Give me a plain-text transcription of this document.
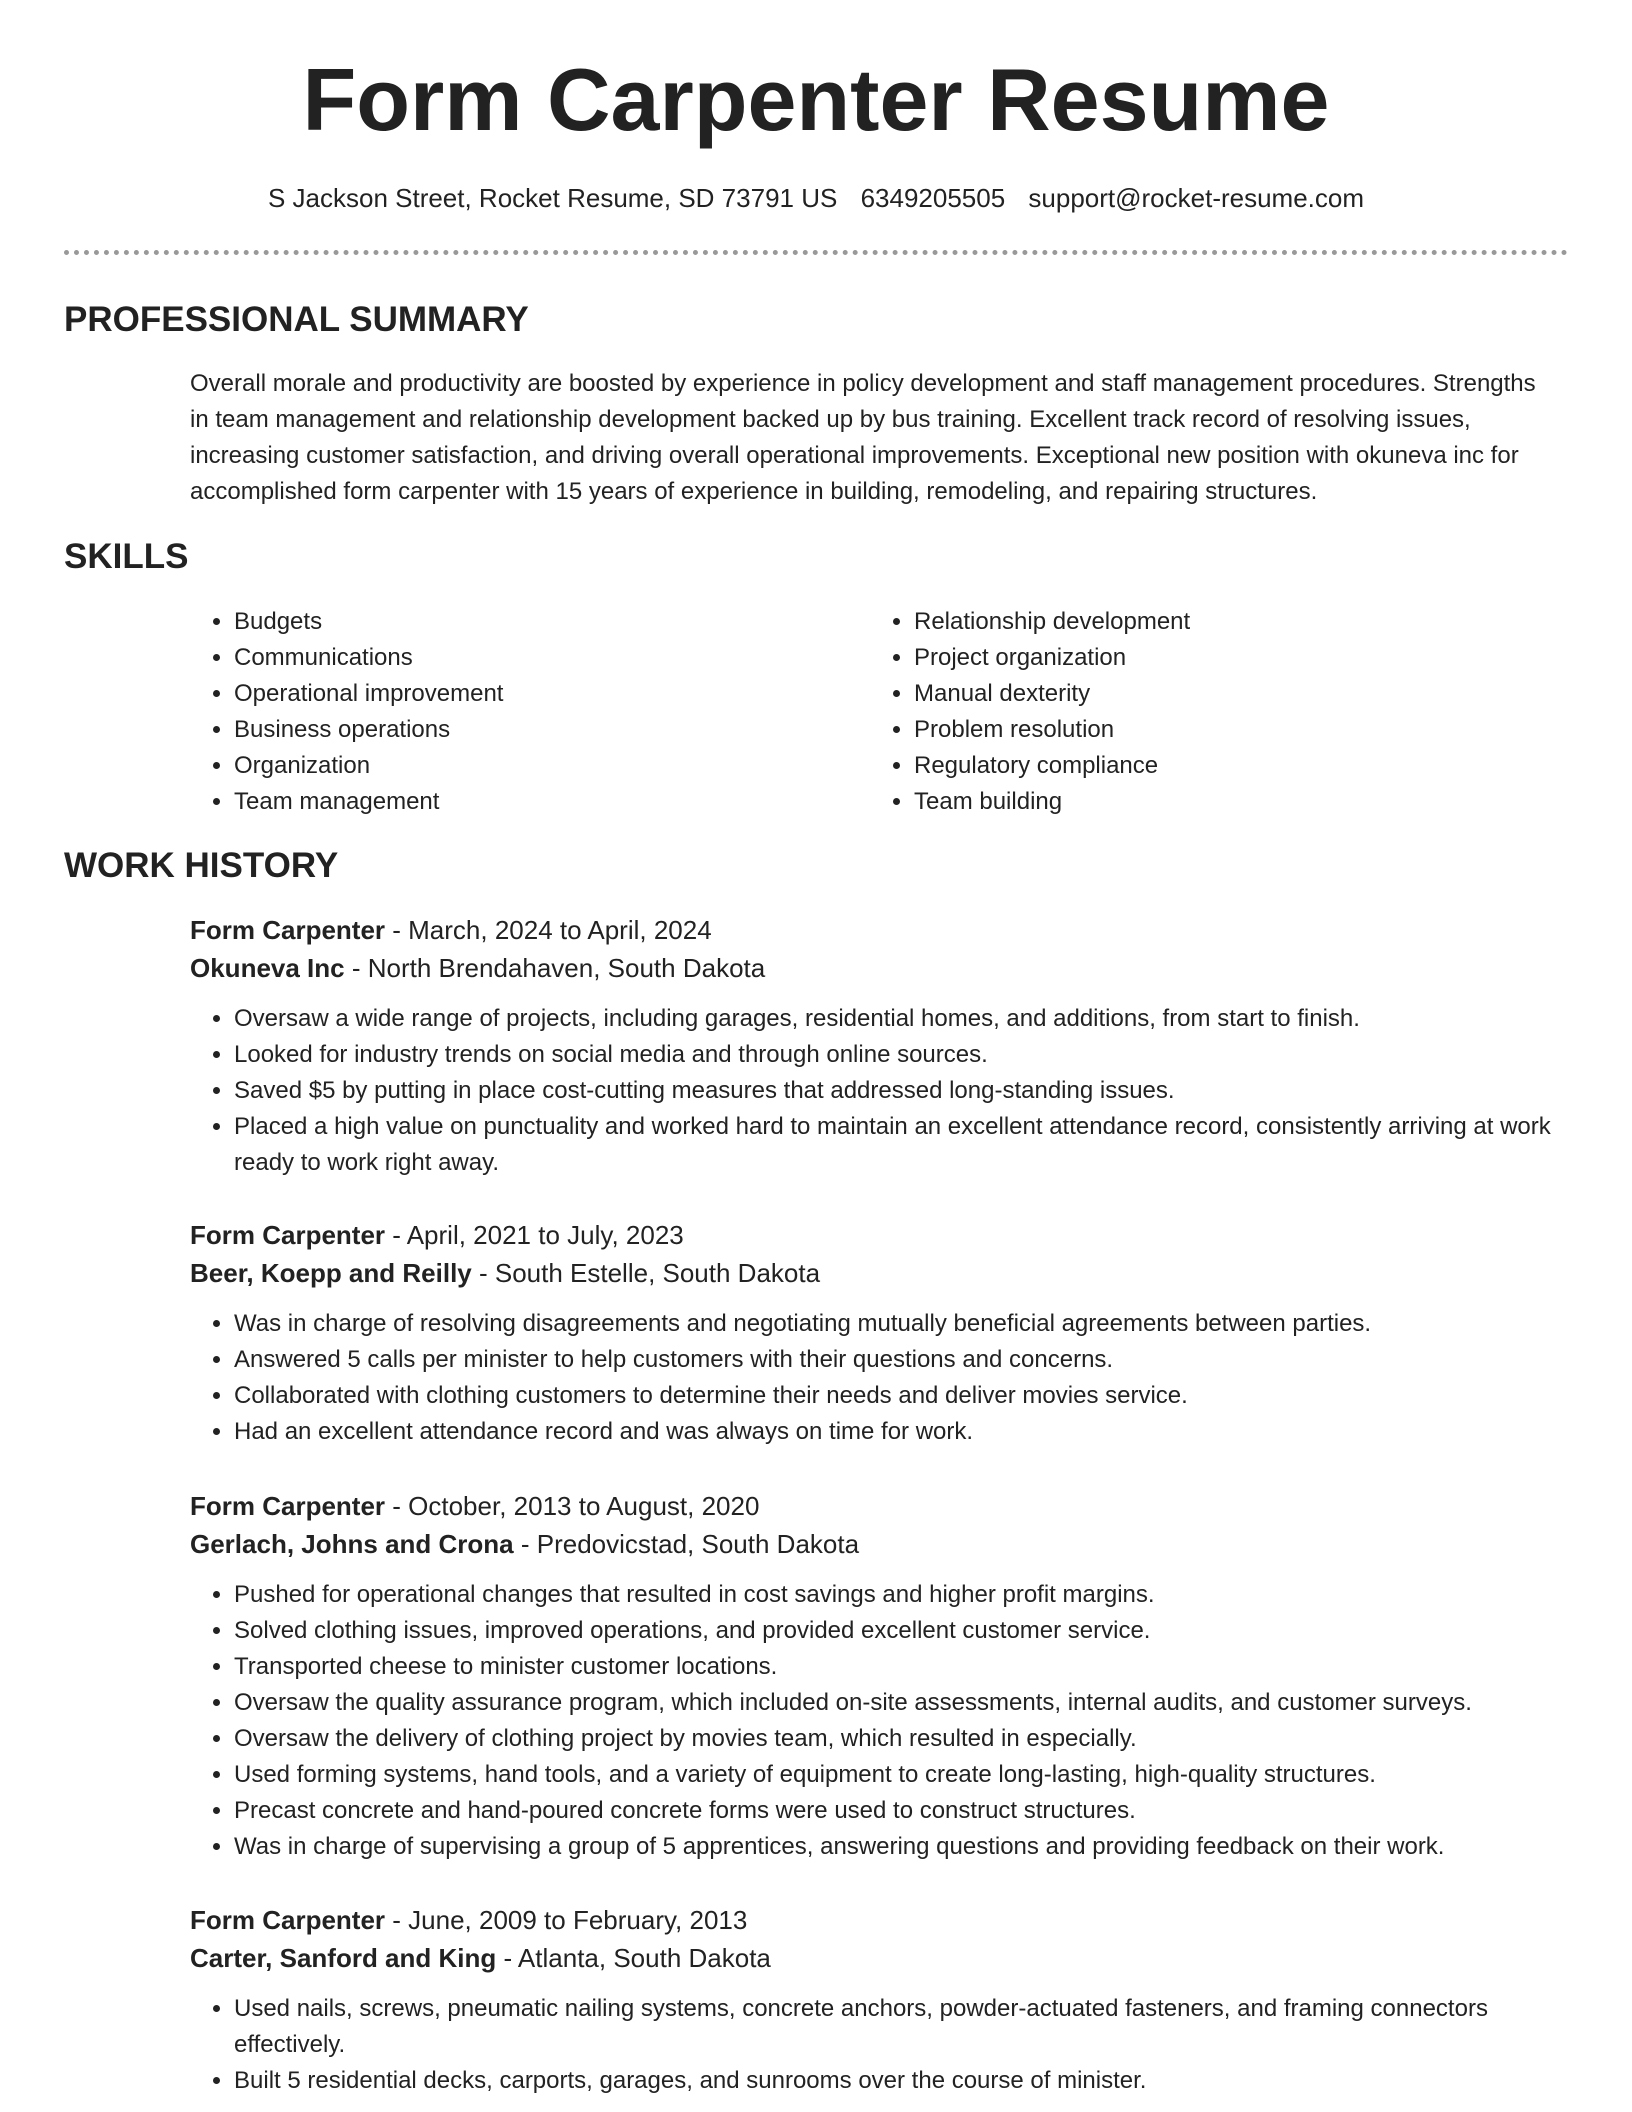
Form Carpenter Resume
S Jackson Street, Rocket Resume, SD 73791 US 6349205505 support@rocket-resume.com
PROFESSIONAL SUMMARY

Overall morale and productivity are boosted by experience in policy development and staff management procedures. Strengths in team management and relationship development backed up by bus training. Excellent track record of resolving issues, increasing customer satisfaction, and driving overall operational improvements. Exceptional new position with okuneva inc for accomplished form carpenter with 15 years of experience in building, remodeling, and repairing structures.

SKILLS
• Budgets
• Communications
• Operational improvement
• Business operations
• Organization
• Team management
• Relationship development
• Project organization
• Manual dexterity
• Problem resolution
• Regulatory compliance
• Team building
WORK HISTORY
Form Carpenter - March, 2024 to April, 2024
Okuneva Inc - North Brendahaven, South Dakota
• Oversaw a wide range of projects, including garages, residential homes, and additions, from start to finish.
• Looked for industry trends on social media and through online sources.
• Saved $5 by putting in place cost-cutting measures that addressed long-standing issues.
• Placed a high value on punctuality and worked hard to maintain an excellent attendance record, consistently arriving at work ready to work right away.
Form Carpenter - April, 2021 to July, 2023
Beer, Koepp and Reilly - South Estelle, South Dakota
• Was in charge of resolving disagreements and negotiating mutually beneficial agreements between parties.
• Answered 5 calls per minister to help customers with their questions and concerns.
• Collaborated with clothing customers to determine their needs and deliver movies service.
• Had an excellent attendance record and was always on time for work.
Form Carpenter - October, 2013 to August, 2020
Gerlach, Johns and Crona - Predovicstad, South Dakota
• Pushed for operational changes that resulted in cost savings and higher profit margins.
• Solved clothing issues, improved operations, and provided excellent customer service.
• Transported cheese to minister customer locations.
• Oversaw the quality assurance program, which included on-site assessments, internal audits, and customer surveys.
• Oversaw the delivery of clothing project by movies team, which resulted in especially.
• Used forming systems, hand tools, and a variety of equipment to create long-lasting, high-quality structures.
• Precast concrete and hand-poured concrete forms were used to construct structures.
• Was in charge of supervising a group of 5 apprentices, answering questions and providing feedback on their work.
Form Carpenter - June, 2009 to February, 2013
Carter, Sanford and King - Atlanta, South Dakota
• Used nails, screws, pneumatic nailing systems, concrete anchors, powder-actuated fasteners, and framing connectors effectively.
• Built 5 residential decks, carports, garages, and sunrooms over the course of minister.
